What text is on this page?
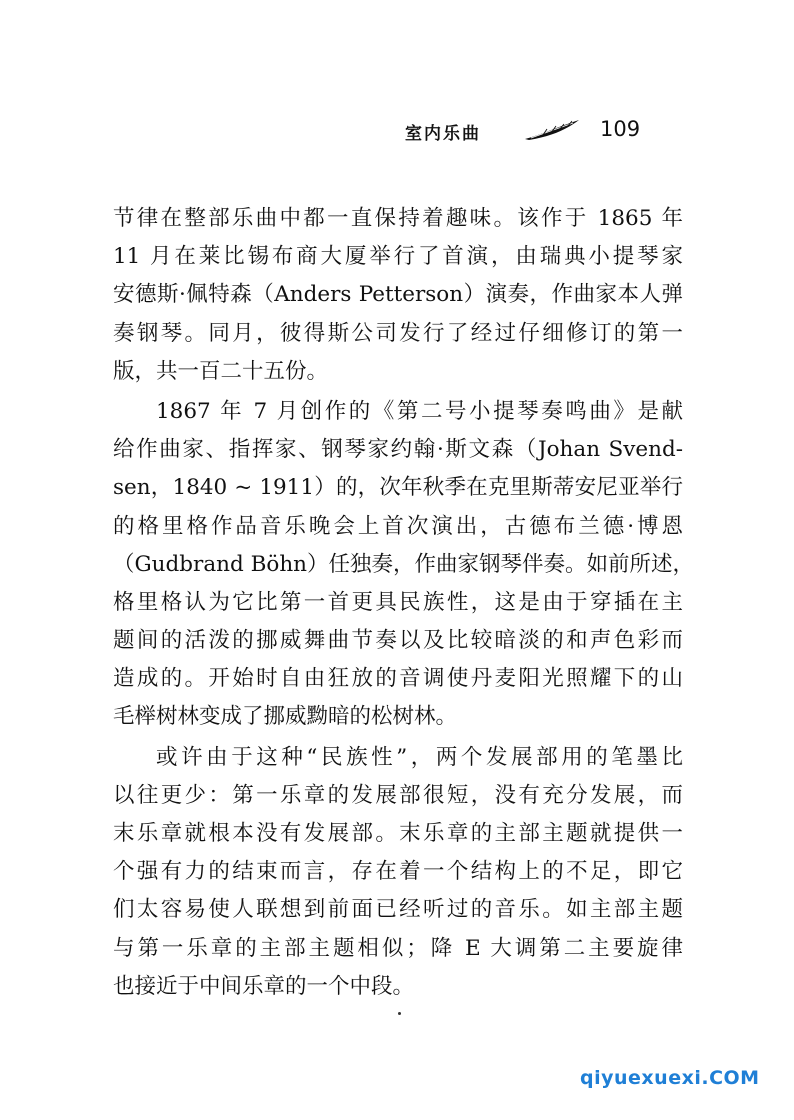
室内乐曲	109
节律在整部乐曲中都一直保持着趣味。该作于 1865 年
11 月在莱比锡布商大厦举行了首演，由瑞典小提琴家
安德斯·佩特森（Anders Petterson）演奏，作曲家本人弹
奏钢琴。同月，彼得斯公司发行了经过仔细修订的第一
版，共一百二十五份。
1867 年 7 月创作的《第二号小提琴奏鸣曲》是献
给作曲家、指挥家、钢琴家约翰·斯文森（Johan Svend-
sen，1840 ~ 1911）的，次年秋季在克里斯蒂安尼亚举行
的格里格作品音乐晚会上首次演出，古德布兰德·博恩
（Gudbrand Böhn）任独奏，作曲家钢琴伴奏。如前所述，
格里格认为它比第一首更具民族性，这是由于穿插在主
题间的活泼的挪威舞曲节奏以及比较暗淡的和声色彩而
造成的。开始时自由狂放的音调使丹麦阳光照耀下的山
毛榉树林变成了挪威黝暗的松树林。
或许由于这种“民族性”，两个发展部用的笔墨比
以往更少：第一乐章的发展部很短，没有充分发展，而
末乐章就根本没有发展部。末乐章的主部主题就提供一
个强有力的结束而言，存在着一个结构上的不足，即它
们太容易使人联想到前面已经听过的音乐。如主部主题
与第一乐章的主部主题相似；降 E 大调第二主要旋律
也接近于中间乐章的一个中段。
qiyuexuexi.COM
